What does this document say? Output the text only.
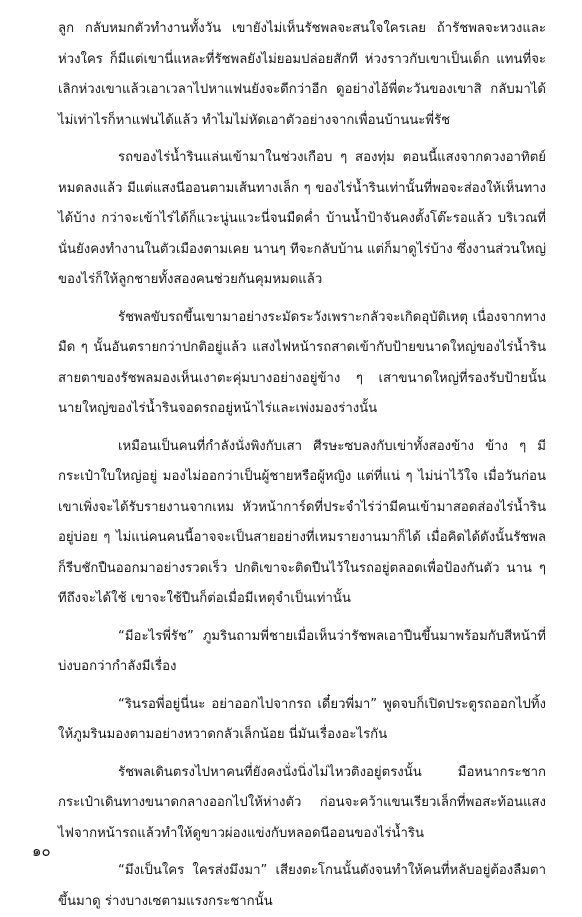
ลูก กลับหมกตัวทำงานทั้งวัน เขายังไม่เห็นรัชพลจะสนใจใครเลย ถ้ารัชพลจะหวงและห่วงใคร ก็มีแต่เขานี่แหละที่รัชพลยังไม่ยอมปล่อยสักที ห่วงราวกับเขาเป็นเด็ก แทนที่จะเลิกห่วงเขาแล้วเอาเวลาไปหาแฟนยังจะดีกว่าอีก ดูอย่างไอ้พี่ตะวันของเขาสิ กลับมาได้ไม่เท่าไรก็หาแฟนได้แล้ว ทำไมไม่หัดเอาตัวอย่างจากเพื่อนบ้านนะพี่รัช

รถของไร่น้ำรินแล่นเข้ามาในช่วงเกือบ ๆ สองทุ่ม ตอนนี้แสงจากดวงอาทิตย์หมดลงแล้ว มีแต่แสงนีออนตามเส้นทางเล็ก ๆ ของไร่น้ำรินเท่านั้นที่พอจะส่องให้เห็นทางได้บ้าง กว่าจะเข้าไร่ได้ก็แวะนู่นแวะนี่จนมืดค่ำ บ้านน้ำป้าจันคงตั้งโต๊ะรอแล้ว บริเวณที่นั่นยังคงทำงานในตัวเมืองตามเคย นานๆ ทีจะกลับบ้าน แต่ก็มาดูไร่บ้าง ซึ่งงานส่วนใหญ่ของไร่ก็ให้ลูกชายทั้งสองคนช่วยกันคุมหมดแล้ว

รัชพลขับรถขึ้นเขามาอย่างระมัดระวังเพราะกลัวจะเกิดอุบัติเหตุ เนื่องจากทางมืด ๆ นั้นอันตรายกว่าปกติอยู่แล้ว แสงไฟหน้ารถสาดเข้ากับป้ายขนาดใหญ่ของไร่น้ำริน สายตาของรัชพลมองเห็นเงาตะคุ่มบางอย่างอยู่ข้าง ๆ เสาขนาดใหญ่ที่รองรับป้ายนั้น นายใหญ่ของไร่น้ำรินจอดรถอยู่หน้าไร่และเพ่งมองร่างนั้น

เหมือนเป็นคนที่กำลังนั่งพิงกับเสา ศีรษะซบลงกับเข่าทั้งสองข้าง ข้าง ๆ มีกระเป๋าใบใหญ่อยู่ มองไม่ออกว่าเป็นผู้ชายหรือผู้หญิง แต่ที่แน่ ๆ ไม่น่าไว้ใจ เมื่อวันก่อนเขาเพิ่งจะได้รับรายงานจากเหม หัวหน้าการ์ดที่ประจำไร่ว่ามีคนเข้ามาสอดส่องไร่น้ำรินอยู่บ่อย ๆ ไม่แน่คนคนนี้อาจจะเป็นสายอย่างที่เหมรายงานมาก็ได้ เมื่อคิดได้ดังนั้นรัชพลก็รีบชักปืนออกมาอย่างรวดเร็ว ปกติเขาจะติดปืนไว้ในรถอยู่ตลอดเพื่อป้องกันตัว นาน ๆ ทีถึงจะได้ใช้ เขาจะใช้ปืนก็ต่อเมื่อมีเหตุจำเป็นเท่านั้น

“มีอะไรพี่รัช” ภูมรินถามพี่ชายเมื่อเห็นว่ารัชพลเอาปืนขึ้นมาพร้อมกับสีหน้าที่บ่งบอกว่ากำลังมีเรื่อง

“รินรอพี่อยู่นี่นะ อย่าออกไปจากรถ เดี๋ยวพี่มา” พูดจบก็เปิดประตูรถออกไปทิ้งให้ภูมรินมองตามอย่างหวาดกลัวเล็กน้อย นี่มันเรื่องอะไรกัน

รัชพลเดินตรงไปหาคนที่ยังคงนั่งนิ่งไม่ไหวติงอยู่ตรงนั้น มือหนากระชากกระเป๋าเดินทางขนาดกลางออกไปให้ห่างตัว ก่อนจะคว้าแขนเรียวเล็กที่พอสะท้อนแสงไฟจากหน้ารถแล้วทำให้ดูขาวผ่องแข่งกับหลอดนีออนของไร่น้ำริน

“มึงเป็นใคร ใครส่งมึงมา” เสียงตะโกนนั้นดังจนทำให้คนที่หลับอยู่ต้องลืมตาขึ้นมาดู ร่างบางเซตามแรงกระชากนั้น

๑๐
